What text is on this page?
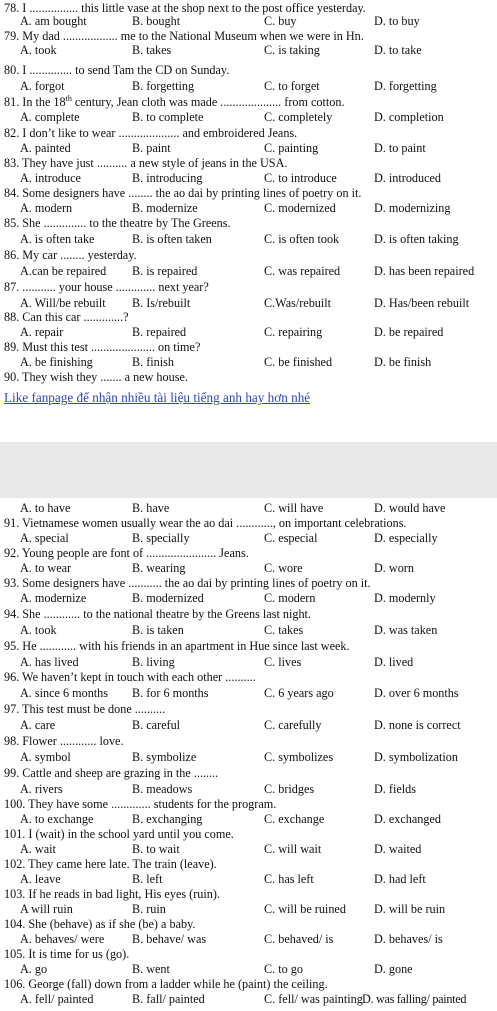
78. I ................ this little vase at the shop next to the post office yesterday.
A. am bought	B. bought	C. buy	D. to buy
79. My dad .................. me to the National Museum when we were in Hn.
A. took	B. takes	C. is taking	D. to take
80. I .............. to send Tam the CD on Sunday.
A. forgot	B. forgetting	C. to forget	D. forgetting
81. In the 18th century, Jean cloth was made .................... from cotton.
A. complete	B. to complete	C. completely	D. completion
82. I don’t like to wear .................... and embroidered Jeans.
A. painted	B. paint	C. painting	D. to paint
83. They have just .......... a new style of jeans in the USA.
A. introduce	B. introducing	C. to introduce	D. introduced
84. Some designers have ........ the ao dai by printing lines of poetry on it.
A. modern	B. modernize	C. modernized	D. modernizing
85. She .............. to the theatre by The Greens.
A. is often take	B. is often taken	C. is often took	D. is often taking
86. My car ........ yesterday.
A.can be repaired B. is repaired	C. was repaired	D. has been repaired
87. ........... your house ............. next year?
A. Will/be rebuilt B. Is/rebuilt	C.Was/rebuilt	D. Has/been rebuilt
88. Can this car .............?
A. repair	B. repaired	C. repairing	D. be repaired
89. Must this test ..................... on time?
A. be finishing	B. finish	C. be finished	D. be finish
90. They wish they ....... a new house.
Like fanpage để nhận nhiều tài liệu tiếng anh hay hơn nhé
A. to have	B. have	C. will have	D. would have
91. Vietnamese women usually wear the ao dai ............, on important celebrations.
A. special	B. specially	C. especial	D. especially
92. Young people are font of ....................... Jeans.
A. to wear	B. wearing	C. wore	D. worn
93. Some designers have ........... the ao dai by printing lines of poetry on it.
A. modernize	B. modernized	C. modern	D. modernly
94. She ............ to the national theatre by the Greens last night.
A. took	B. is taken	C. takes	D. was taken
95. He ............ with his friends in an apartment in Hue since last week.
A. has lived	B. living	C. lives	D. lived
96. We haven’t kept in touch with each other ..........
A. since 6 months B. for 6 months	C. 6 years ago	D. over 6 months
97. This test must be done ..........
A. care	B. careful	C. carefully	D. none is correct
98. Flower ............ love.
A. symbol	B. symbolize	C. symbolizes	D. symbolization
99. Cattle and sheep are grazing in the ........
A. rivers	B. meadows	C. bridges	D. fields
100. They have some ............. students for the program.
A. to exchange	B. exchanging	C. exchange	D. exchanged
101. I (wait) in the school yard until you come.
A. wait	B. to wait	C. will wait	D. waited
102. They came here late. The train (leave).
A. leave	B. left	C. has left	D. had left
103. If he reads in bad light, His eyes (ruin).
A will ruin	B. ruin	C. will be ruined D. will be ruin
104. She (behave) as if she (be) a baby.
A. behaves/ were B. behave/ was	C. behaved/ is	D. behaves/ is
105. It is time for us (go).
A. go	B. went	C. to go	D. gone
106. George (fall) down from a ladder while he (paint) the ceiling.
A. fell/ painted	B. fall/ painted	C. fell/ was painting D. was falling/ painted
